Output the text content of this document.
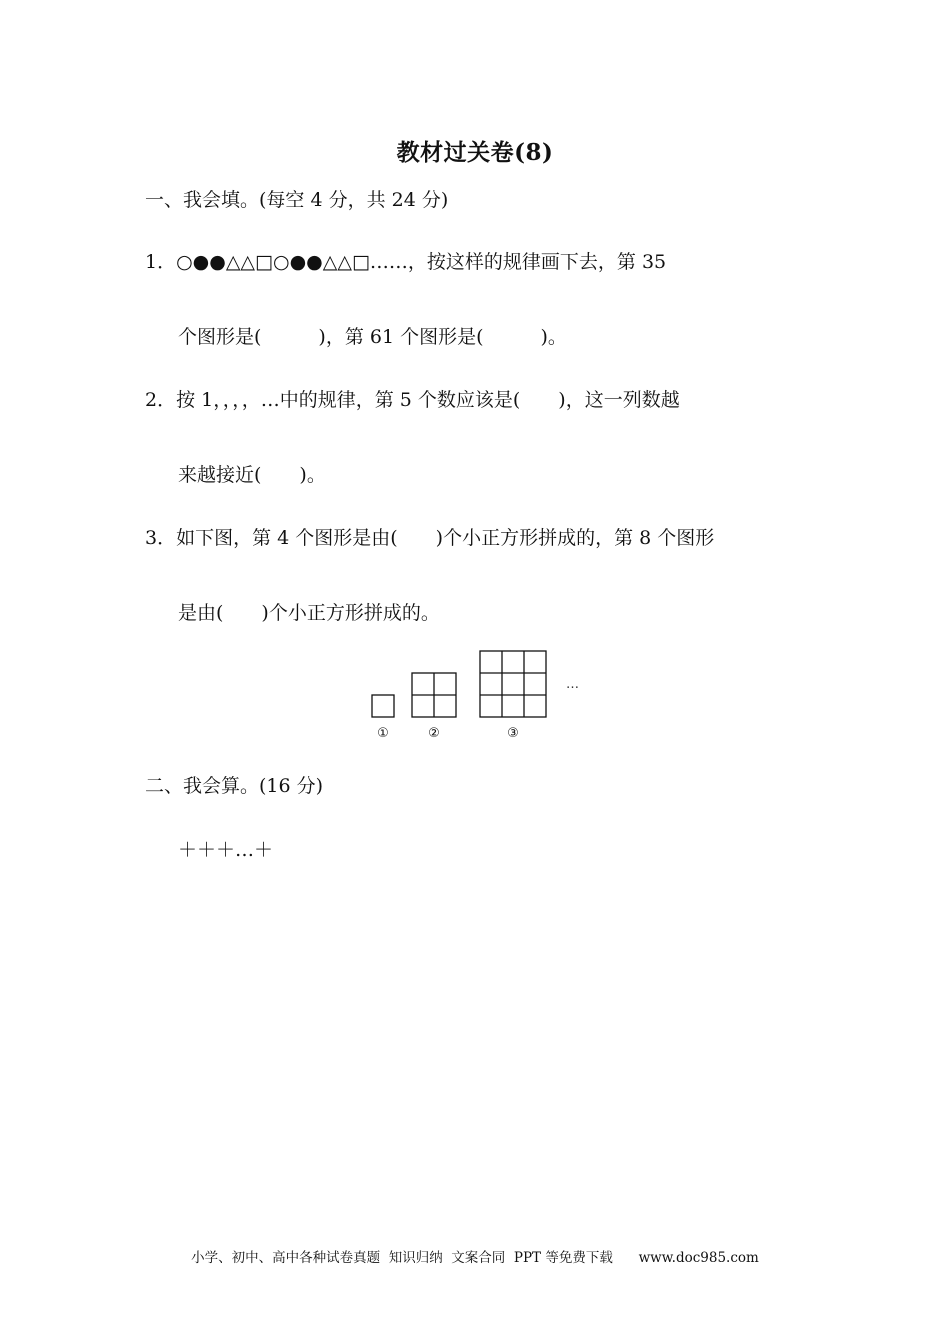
教材过关卷(8)
一、我会填。(每空 4 分，共 24 分)
1．○●●△△□○●●△△□……，按这样的规律画下去，第 35
个图形是(　　　)，第 61 个图形是(　　　)。
2．按 1，，，，…中的规律，第 5 个数应该是(　　)，这一列数越
来越接近(　　)。
3．如下图，第 4 个图形是由(　　)个小正方形拼成的，第 8 个图形
是由(　　)个小正方形拼成的。
…
①	②	③
二、我会算。(16 分)
＋＋＋…＋
小学、初中、高中各种试卷真题  知识归纳  文案合同  PPT 等免费下载      www.doc985.com
